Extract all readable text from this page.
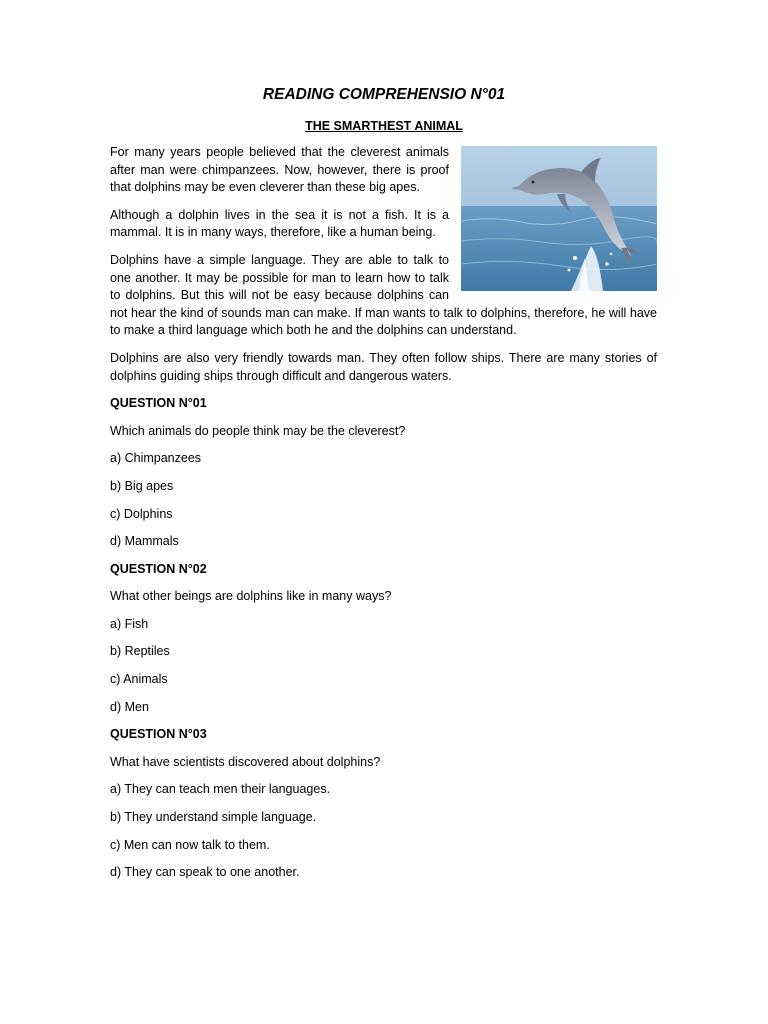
READING COMPREHENSIO N°01
THE SMARTHEST ANIMAL

For many years people believed that the cleverest animals after man were chimpanzees. Now, however, there is proof that dolphins may be even cleverer than these big apes.

Although a dolphin lives in the sea it is not a fish. It is a mammal. It is in many ways, therefore, like a human being.

Dolphins have a simple language. They are able to talk to one another. It may be possible for man to learn how to talk to dolphins. But this will not be easy because dolphins can not hear the kind of sounds man can make. If man wants to talk to dolphins, therefore, he will have to make a third language which both he and the dolphins can understand.

Dolphins are also very friendly towards man. They often follow ships. There are many stories of dolphins guiding ships through difficult and dangerous waters.

QUESTION N°01

Which animals do people think may be the cleverest?

a) Chimpanzees

b) Big apes

c) Dolphins

d) Mammals

QUESTION N°02

What other beings are dolphins like in many ways?

a) Fish

b) Reptiles

c) Animals

d) Men

QUESTION N°03

What have scientists discovered about dolphins?

a) They can teach men their languages.

b) They understand simple language.

c) Men can now talk to them.

d) They can speak to one another.
